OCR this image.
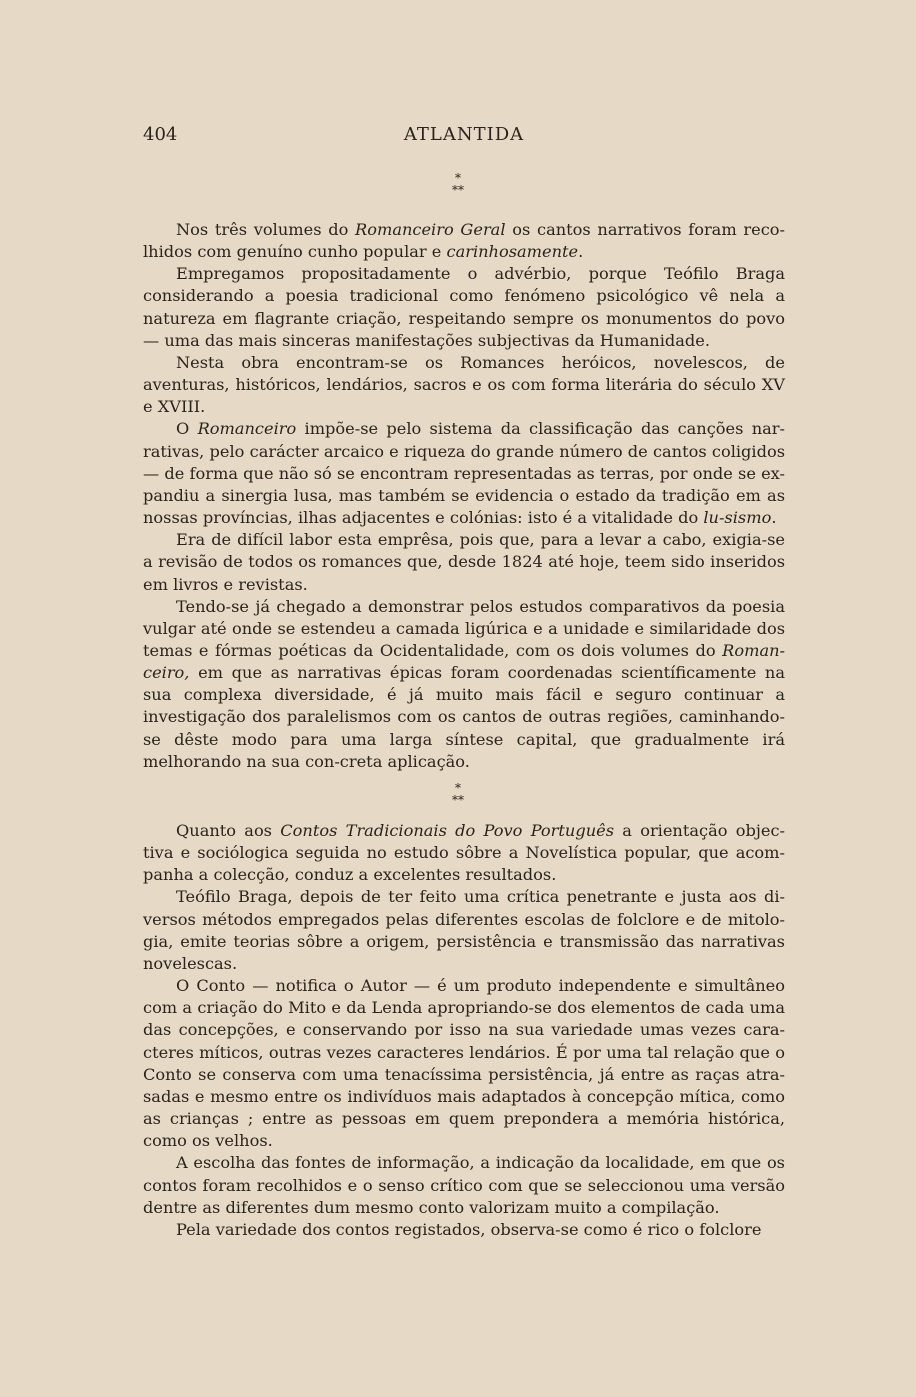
404	ATLANTIDA
*
**

Nos três volumes do Romanceiro Geral os cantos narrativos foram reco-lhidos com genuíno cunho popular e carinhosamente.

Empregamos propositadamente o advérbio, porque Teófilo Braga considerando a poesia tradicional como fenómeno psicológico vê nela a natureza em flagrante criação, respeitando sempre os monumentos do povo — uma das mais sinceras manifestações subjectivas da Humanidade.

Nesta obra encontram-se os Romances heróicos, novelescos, de aventuras, históricos, lendários, sacros e os com forma literária do século XV e XVIII.

O Romanceiro impõe-se pelo sistema da classificação das canções nar-rativas, pelo carácter arcaico e riqueza do grande número de cantos coligidos — de forma que não só se encontram representadas as terras, por onde se ex-pandiu a sinergia lusa, mas também se evidencia o estado da tradição em as nossas províncias, ilhas adjacentes e colónias: isto é a vitalidade do lu-sismo.

Era de difícil labor esta emprêsa, pois que, para a levar a cabo, exigia-se a revisão de todos os romances que, desde 1824 até hoje, teem sido inseridos em livros e revistas.

Tendo-se já chegado a demonstrar pelos estudos comparativos da poesia vulgar até onde se estendeu a camada ligúrica e a unidade e similaridade dos temas e fórmas poéticas da Ocidentalidade, com os dois volumes do Roman-ceiro, em que as narrativas épicas foram coordenadas scientíficamente na sua complexa diversidade, é já muito mais fácil e seguro continuar a investigação dos paralelismos com os cantos de outras regiões, caminhando-se dêste modo para uma larga síntese capital, que gradualmente irá melhorando na sua con-creta aplicação.

*
**

Quanto aos Contos Tradicionais do Povo Português a orientação objec-tiva e sociólogica seguida no estudo sôbre a Novelística popular, que acom-panha a colecção, conduz a excelentes resultados.

Teófilo Braga, depois de ter feito uma crítica penetrante e justa aos di-versos métodos empregados pelas diferentes escolas de folclore e de mitolo-gia, emite teorias sôbre a origem, persistência e transmissão das narrativas novelescas.

O Conto — notifica o Autor — é um produto independente e simultâneo com a criação do Mito e da Lenda apropriando-se dos elementos de cada uma das concepções, e conservando por isso na sua variedade umas vezes cara-cteres míticos, outras vezes caracteres lendários. É por uma tal relação que o Conto se conserva com uma tenacíssima persistência, já entre as raças atra-sadas e mesmo entre os indivíduos mais adaptados à concepção mítica, como as crianças ; entre as pessoas em quem prepondera a memória histórica, como os velhos.

A escolha das fontes de informação, a indicação da localidade, em que os contos foram recolhidos e o senso crítico com que se seleccionou uma versão dentre as diferentes dum mesmo conto valorizam muito a compilação.

Pela variedade dos contos registados, observa-se como é rico o folclore
